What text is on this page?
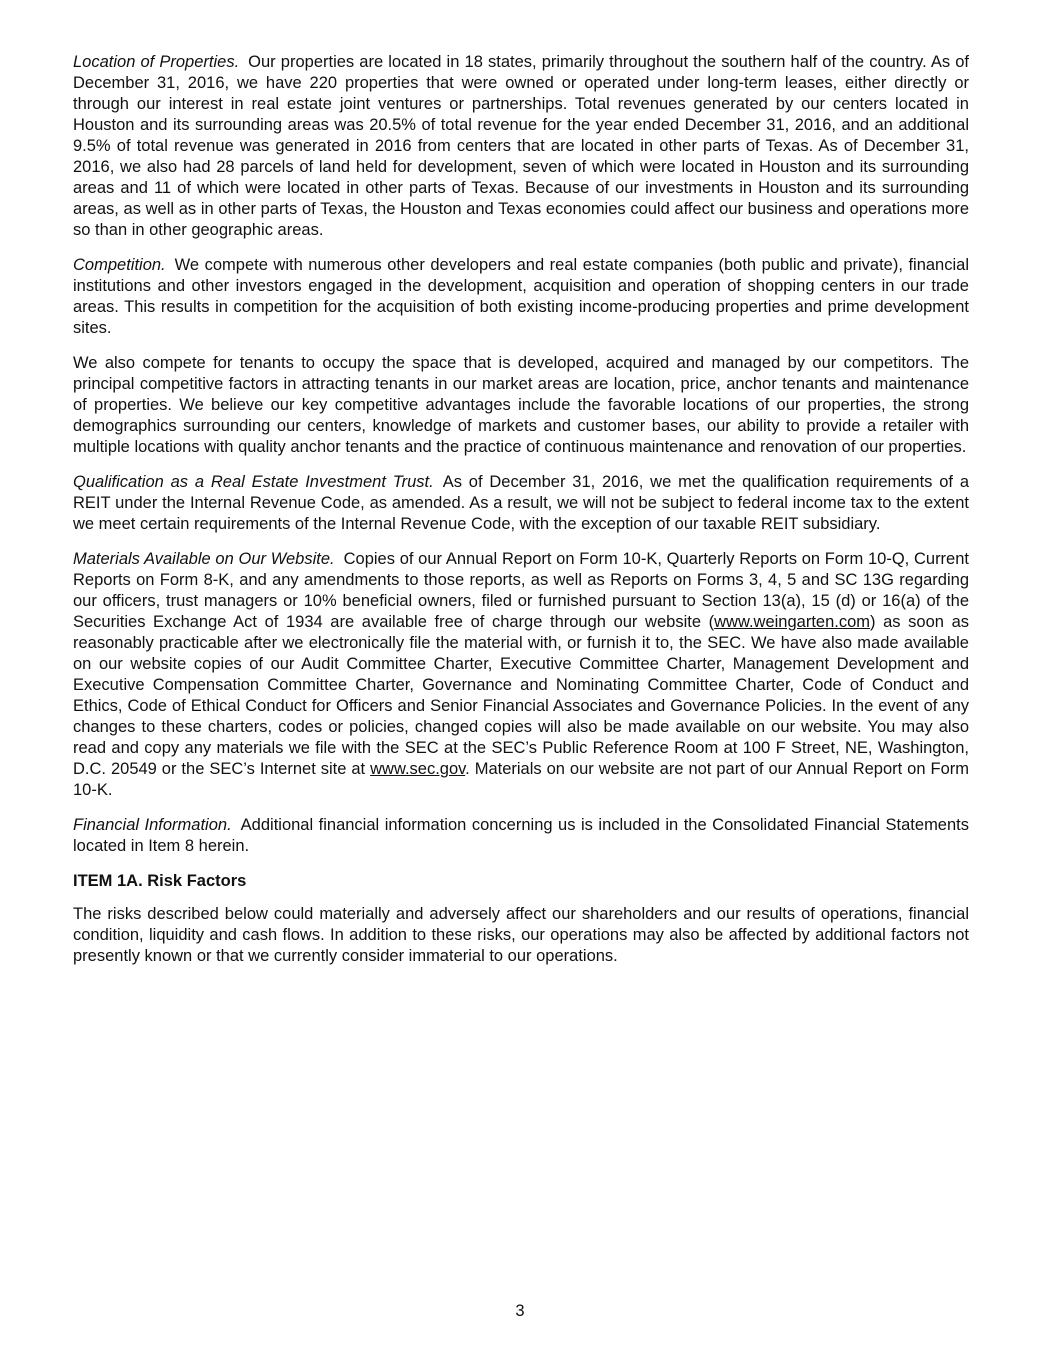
Location of Properties. Our properties are located in 18 states, primarily throughout the southern half of the country. As of December 31, 2016, we have 220 properties that were owned or operated under long-term leases, either directly or through our interest in real estate joint ventures or partnerships. Total revenues generated by our centers located in Houston and its surrounding areas was 20.5% of total revenue for the year ended December 31, 2016, and an additional 9.5% of total revenue was generated in 2016 from centers that are located in other parts of Texas. As of December 31, 2016, we also had 28 parcels of land held for development, seven of which were located in Houston and its surrounding areas and 11 of which were located in other parts of Texas. Because of our investments in Houston and its surrounding areas, as well as in other parts of Texas, the Houston and Texas economies could affect our business and operations more so than in other geographic areas.

Competition. We compete with numerous other developers and real estate companies (both public and private), financial institutions and other investors engaged in the development, acquisition and operation of shopping centers in our trade areas. This results in competition for the acquisition of both existing income-producing properties and prime development sites.

We also compete for tenants to occupy the space that is developed, acquired and managed by our competitors. The principal competitive factors in attracting tenants in our market areas are location, price, anchor tenants and maintenance of properties. We believe our key competitive advantages include the favorable locations of our properties, the strong demographics surrounding our centers, knowledge of markets and customer bases, our ability to provide a retailer with multiple locations with quality anchor tenants and the practice of continuous maintenance and renovation of our properties.

Qualification as a Real Estate Investment Trust. As of December 31, 2016, we met the qualification requirements of a REIT under the Internal Revenue Code, as amended. As a result, we will not be subject to federal income tax to the extent we meet certain requirements of the Internal Revenue Code, with the exception of our taxable REIT subsidiary.

Materials Available on Our Website. Copies of our Annual Report on Form 10-K, Quarterly Reports on Form 10-Q, Current Reports on Form 8-K, and any amendments to those reports, as well as Reports on Forms 3, 4, 5 and SC 13G regarding our officers, trust managers or 10% beneficial owners, filed or furnished pursuant to Section 13(a), 15 (d) or 16(a) of the Securities Exchange Act of 1934 are available free of charge through our website (www.weingarten.com) as soon as reasonably practicable after we electronically file the material with, or furnish it to, the SEC. We have also made available on our website copies of our Audit Committee Charter, Executive Committee Charter, Management Development and Executive Compensation Committee Charter, Governance and Nominating Committee Charter, Code of Conduct and Ethics, Code of Ethical Conduct for Officers and Senior Financial Associates and Governance Policies. In the event of any changes to these charters, codes or policies, changed copies will also be made available on our website. You may also read and copy any materials we file with the SEC at the SEC’s Public Reference Room at 100 F Street, NE, Washington, D.C. 20549 or the SEC’s Internet site at www.sec.gov. Materials on our website are not part of our Annual Report on Form 10-K.

Financial Information. Additional financial information concerning us is included in the Consolidated Financial Statements located in Item 8 herein.

ITEM 1A. Risk Factors

The risks described below could materially and adversely affect our shareholders and our results of operations, financial condition, liquidity and cash flows. In addition to these risks, our operations may also be affected by additional factors not presently known or that we currently consider immaterial to our operations.

3
